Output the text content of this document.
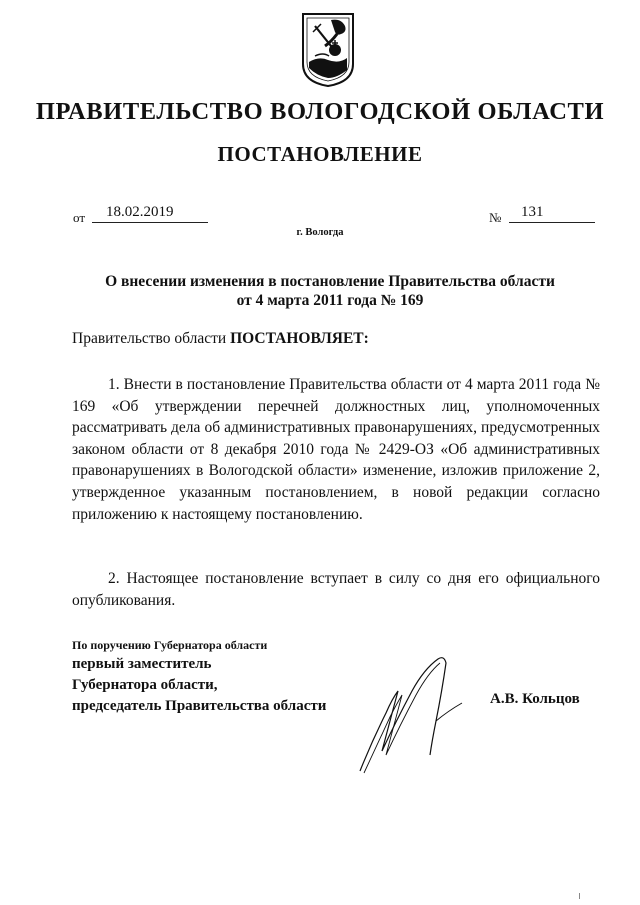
ПРАВИТЕЛЬСТВО ВОЛОГОДСКОЙ ОБЛАСТИ
ПОСТАНОВЛЕНИЕ
от	18.02.2019	№	131
г. Вологда
О внесении изменения в постановление Правительства области
от 4 марта 2011 года № 169
Правительство области ПОСТАНОВЛЯЕТ:

1. Внести в постановление Правительства области от 4 марта 2011 года № 169 «Об утверждении перечней должностных лиц, уполномоченных рассматривать дела об административных правонарушениях, предусмотренных законом области от 8 декабря 2010 года № 2429-ОЗ «Об административных правонарушениях в Вологодской области» изменение, изложив приложение 2, утвержденное указанным постановлением, в новой редакции согласно приложению к настоящему постановлению.

2. Настоящее постановление вступает в силу со дня его официального опубликования.

По поручению Губернатора области
первый заместитель
Губернатора области,
председатель Правительства области	А.В. Кольцов
